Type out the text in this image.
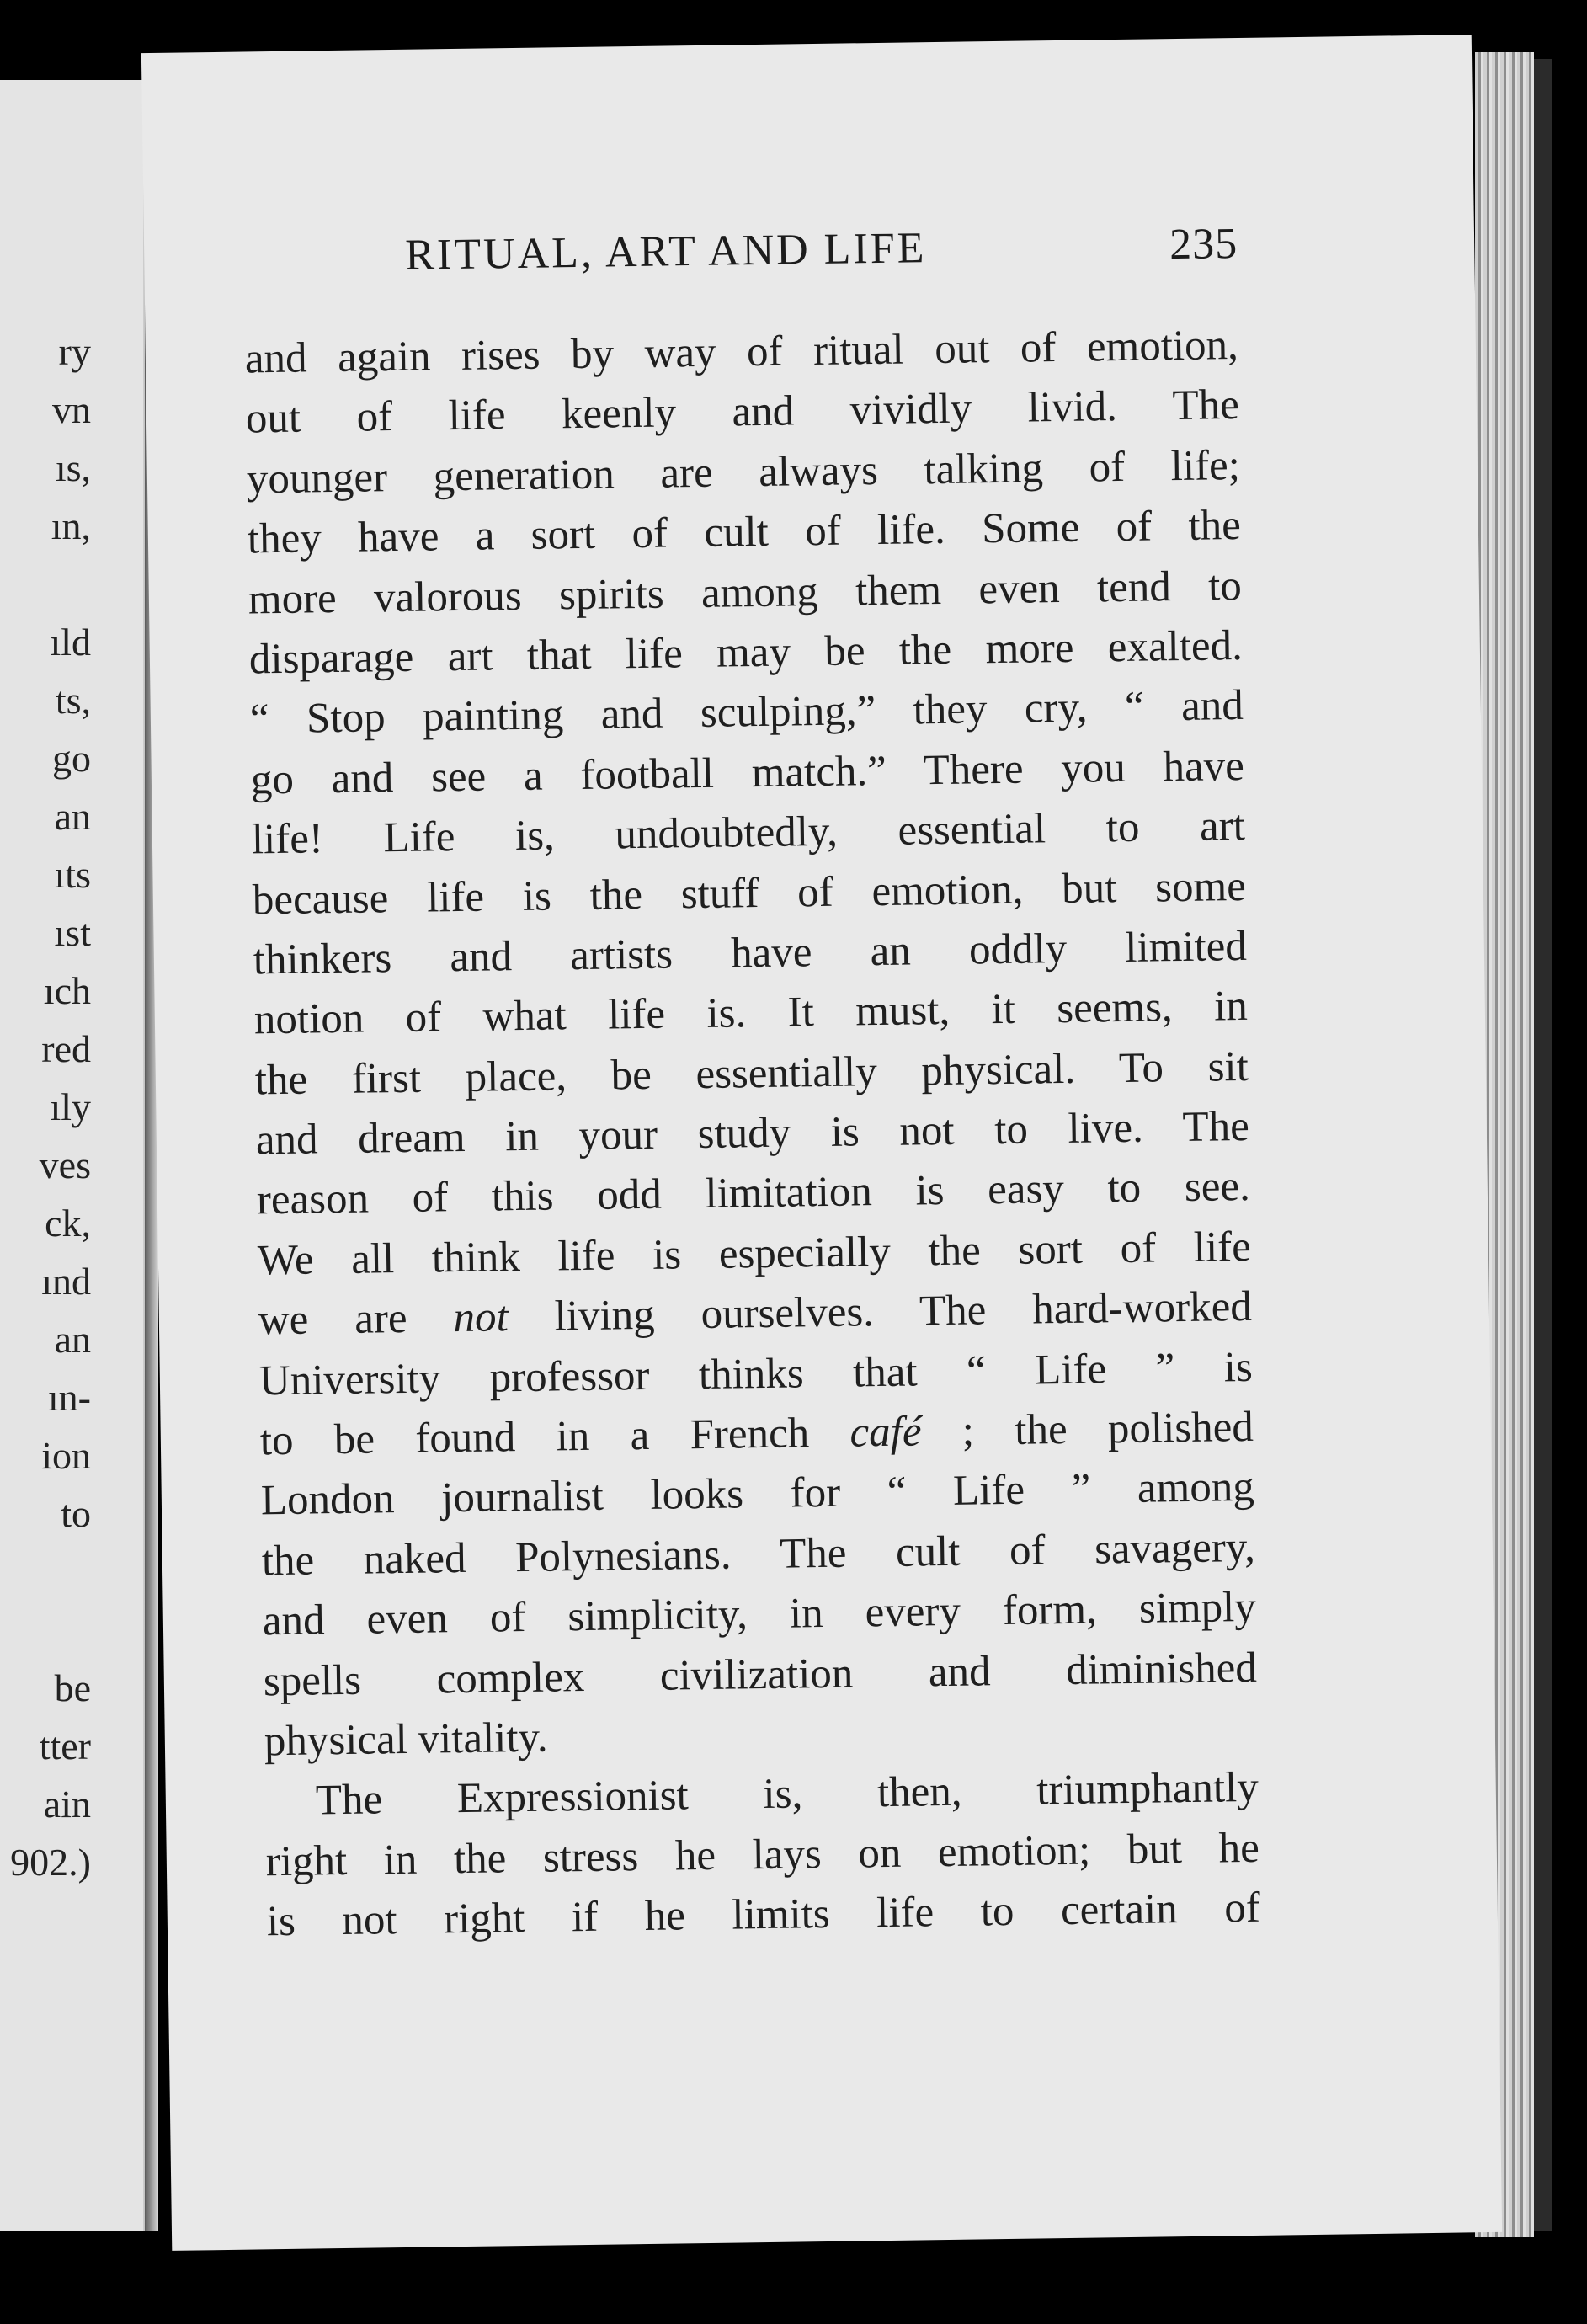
ry
vn
ıs,
ın,
ıld
ts,
go
an
ıts
ıst
ıch
red
ıly
ves
ck,
ınd
an
ın-
ion
to
be
tter
ain
902.)
RITUAL, ART AND LIFE	235
and again rises by way of ritual out of emotion,
out of life keenly and vividly livid. The
younger generation are always talking of life;
they have a sort of cult of life. Some of the
more valorous spirits among them even tend to
disparage art that life may be the more exalted.
“ Stop painting and sculping,” they cry, “ and
go and see a football match.” There you have
life! Life is, undoubtedly, essential to art
because life is the stuff of emotion, but some
thinkers and artists have an oddly limited
notion of what life is. It must, it seems, in
the first place, be essentially physical. To sit
and dream in your study is not to live. The
reason of this odd limitation is easy to see.
We all think life is especially the sort of life
we are not living ourselves. The hard-worked
University professor thinks that “ Life ” is
to be found in a French café ; the polished
London journalist looks for “ Life ” among
the naked Polynesians. The cult of savagery,
and even of simplicity, in every form, simply
spells complex civilization and diminished
physical vitality.
The Expressionist is, then, triumphantly
right in the stress he lays on emotion; but he
is not right if he limits life to certain of
